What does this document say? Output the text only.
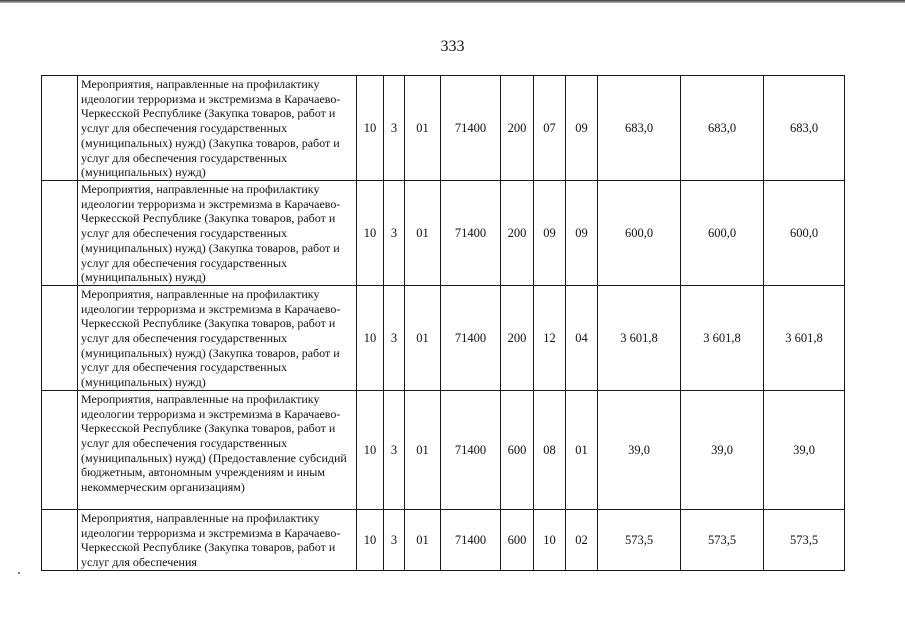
333
	Мероприятия, направленные на профилактику идеологии терроризма и экстремизма в Карачаево-Черкесской Республике (Закупка товаров, работ и услуг для обеспечения государственных (муниципальных) нужд) (Закупка товаров, работ и услуг для обеспечения государственных (муниципальных) нужд)	10	3	01	71400	200	07	09	683,0	683,0	683,0
	Мероприятия, направленные на профилактику идеологии терроризма и экстремизма в Карачаево-Черкесской Республике (Закупка товаров, работ и услуг для обеспечения государственных (муниципальных) нужд) (Закупка товаров, работ и услуг для обеспечения государственных (муниципальных) нужд)	10	3	01	71400	200	09	09	600,0	600,0	600,0
	Мероприятия, направленные на профилактику идеологии терроризма и экстремизма в Карачаево-Черкесской Республике (Закупка товаров, работ и услуг для обеспечения государственных (муниципальных) нужд) (Закупка товаров, работ и услуг для обеспечения государственных (муниципальных) нужд)	10	3	01	71400	200	12	04	3 601,8	3 601,8	3 601,8
	Мероприятия, направленные на профилактику идеологии терроризма и экстремизма в Карачаево-Черкесской Республике (Закупка товаров, работ и услуг для обеспечения государственных (муниципальных) нужд) (Предоставление субсидий бюджетным, автономным учреждениям и иным некоммерческим организациям)	10	3	01	71400	600	08	01	39,0	39,0	39,0
	Мероприятия, направленные на профилактику идеологии терроризма и экстремизма в Карачаево-Черкесской Республике (Закупка товаров, работ и услуг для обеспечения	10	3	01	71400	600	10	02	573,5	573,5	573,5
